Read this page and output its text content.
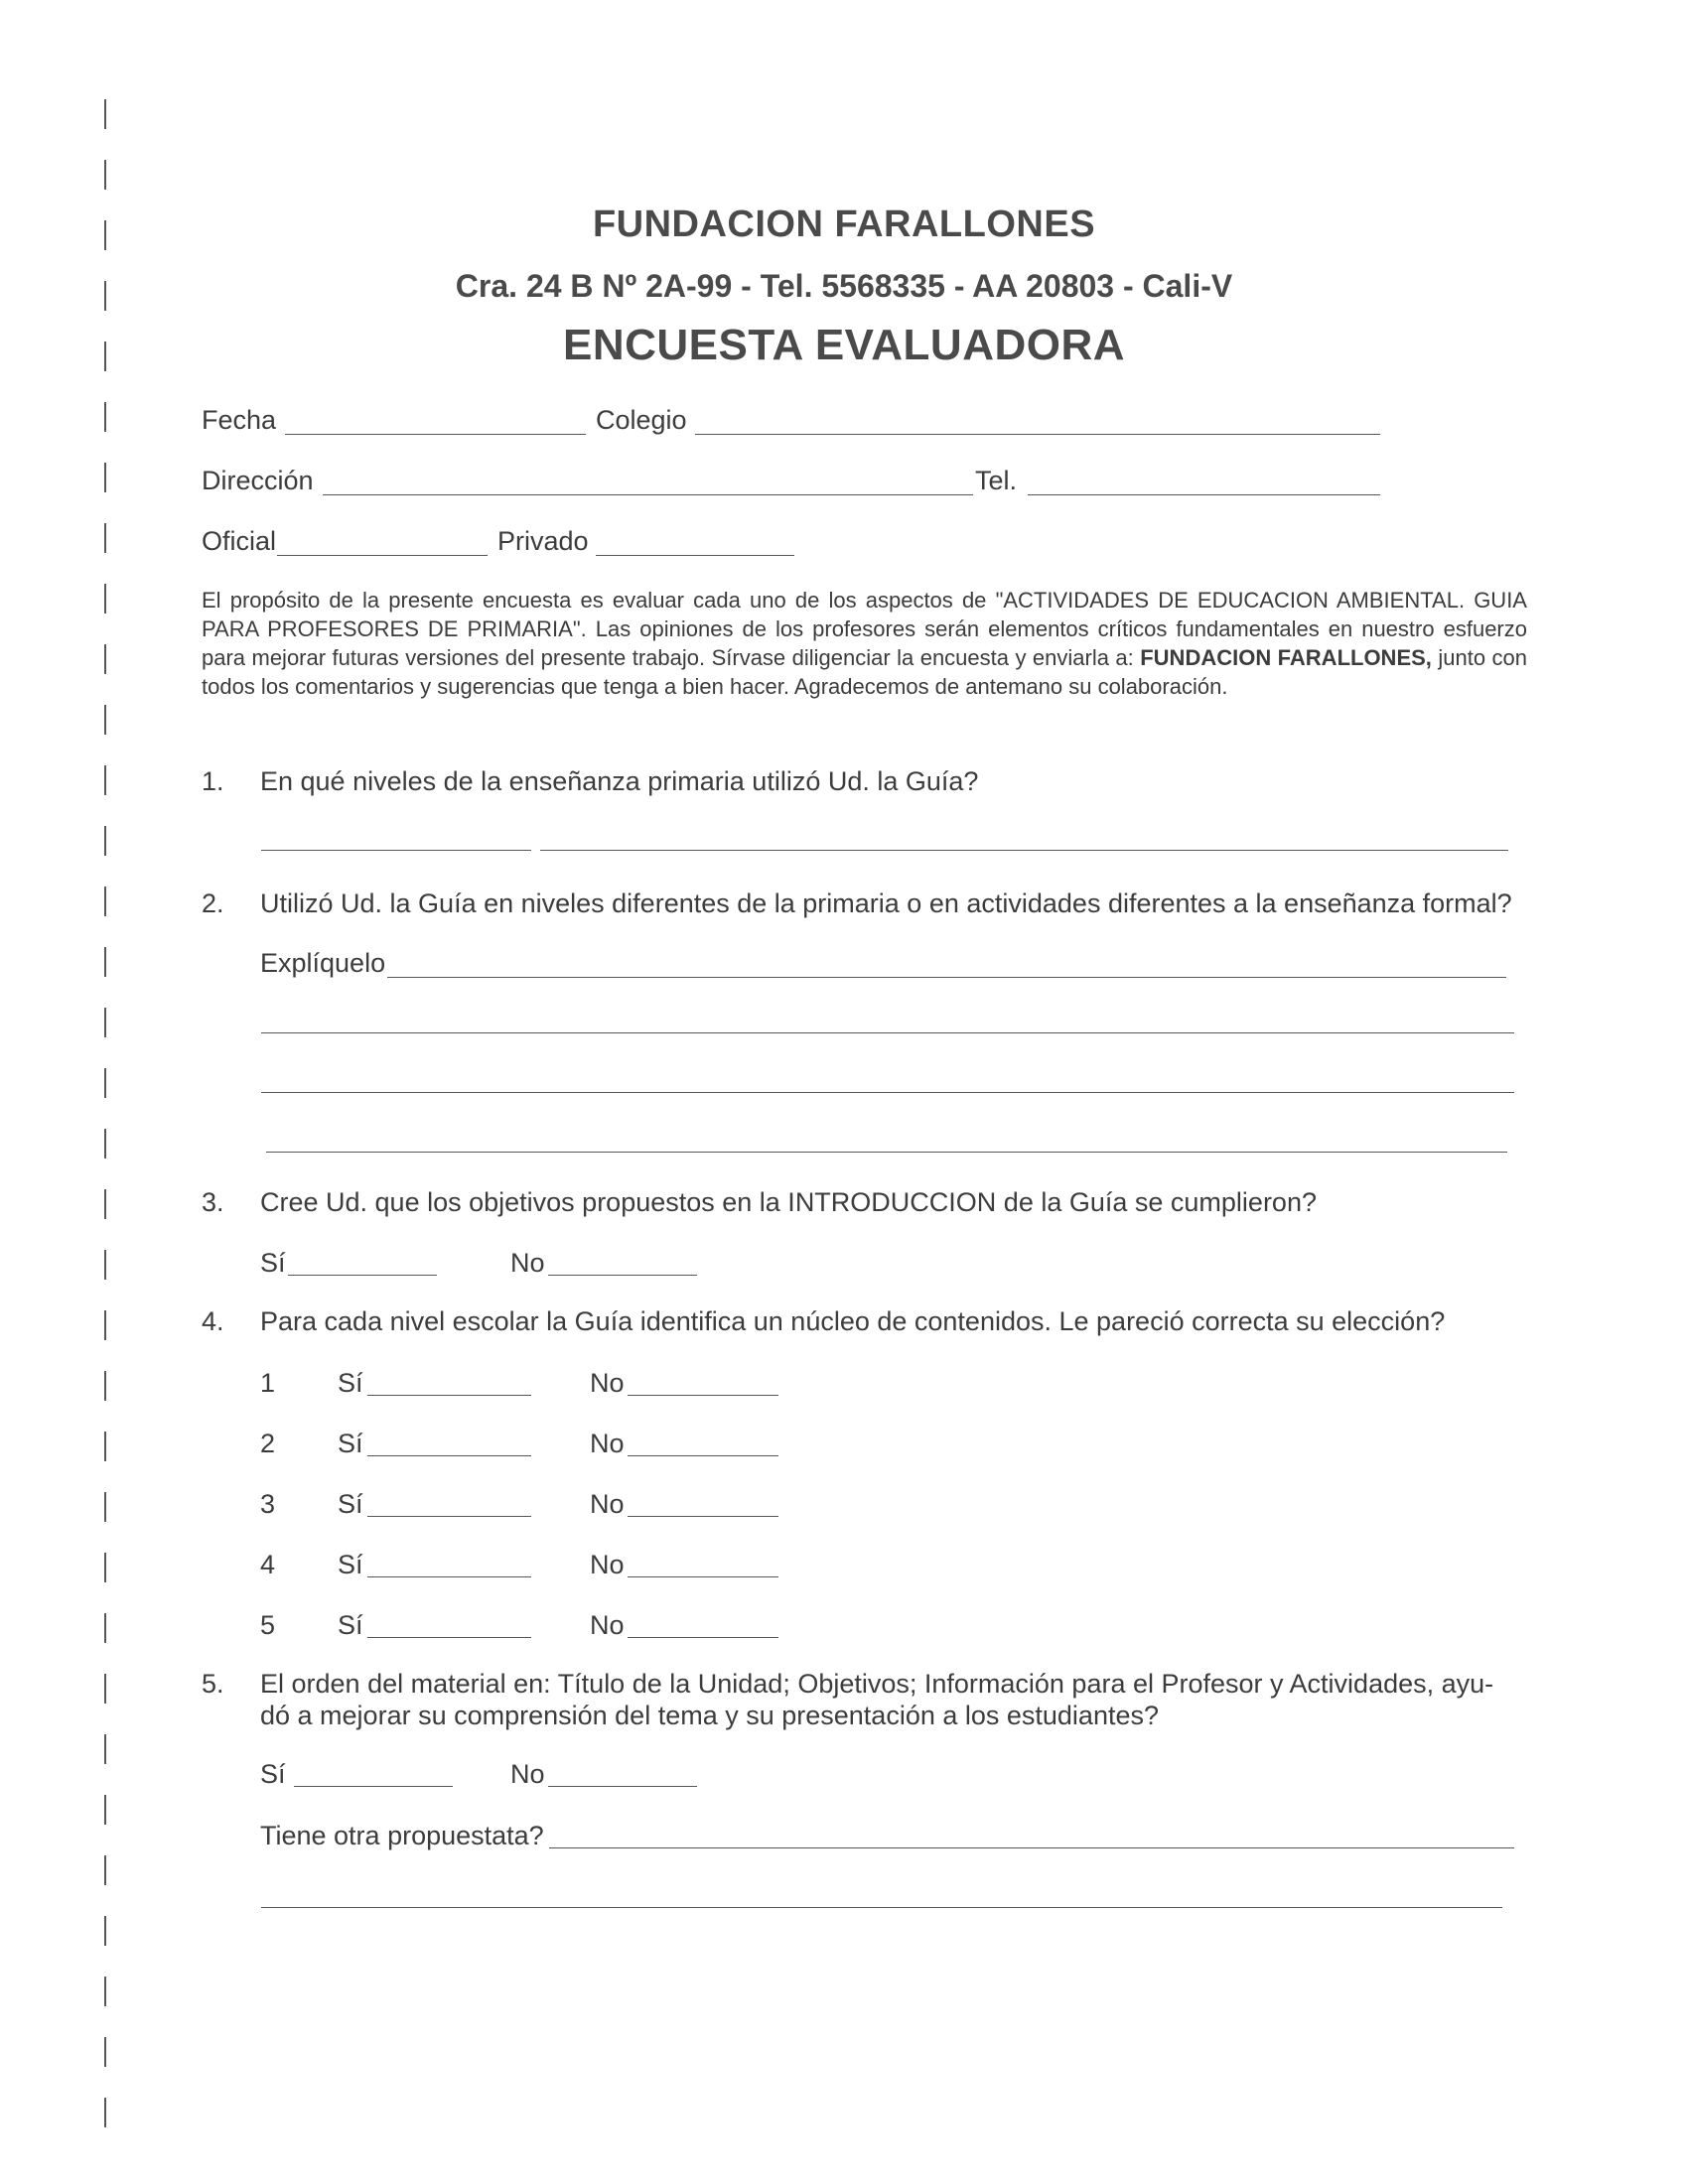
FUNDACION FARALLONES
Cra. 24 B Nº 2A-99 - Tel. 5568335 - AA 20803 - Cali-V
ENCUESTA EVALUADORA
Fecha	Colegio
Dirección	Tel.
Oficial	Privado
El propósito de la presente encuesta es evaluar cada uno de los aspectos de "ACTIVIDADES DE EDUCACION AMBIENTAL. GUIA PARA PROFESORES DE PRIMARIA". Las opiniones de los profesores serán elementos críticos fundamentales en nuestro esfuerzo para mejorar futuras versiones del presente trabajo. Sírvase diligenciar la encuesta y enviarla a: FUNDACION FARALLONES, junto con todos los comentarios y sugerencias que tenga a bien hacer. Agradecemos de antemano su colaboración.
1. En qué niveles de la enseñanza primaria utilizó Ud. la Guía?
2. Utilizó Ud. la Guía en niveles diferentes de la primaria o en actividades diferentes a la enseñanza formal?
Explíquelo
3. Cree Ud. que los objetivos propuestos en la INTRODUCCION de la Guía se cumplieron?
Sí	No
4. Para cada nivel escolar la Guía identifica un núcleo de contenidos. Le pareció correcta su elección?
1 Sí	No
2 Sí	No
3 Sí	No
4 Sí	No
5 Sí	No
5. El orden del material en: Título de la Unidad; Objetivos; Información para el Profesor y Actividades, ayu-
dó a mejorar su comprensión del tema y su presentación a los estudiantes?
Sí	No
Tiene otra propuestata?
